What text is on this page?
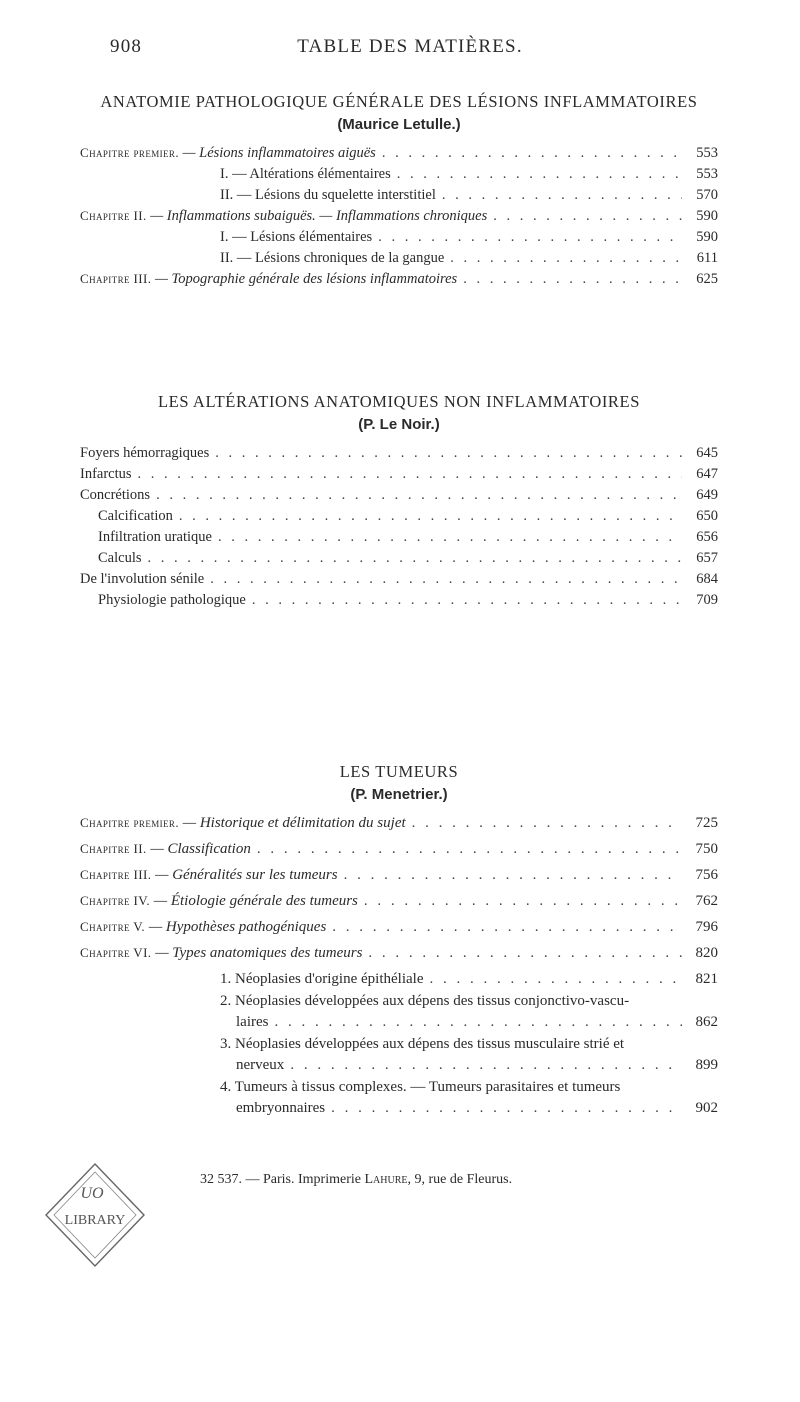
908	TABLE DES MATIÈRES.
ANATOMIE PATHOLOGIQUE GÉNÉRALE DES LÉSIONS INFLAMMATOIRES
(Maurice Letulle.)
Chapitre premier. — Lésions inflammatoires aiguës . . .	553
I. — Altérations élémentaires . . .	553
II. — Lésions du squelette interstitiel . . .	570
Chapitre II. — Inflammations subaiguës. — Inflammations chroniques . . .	590
I. — Lésions élémentaires . . .	590
II. — Lésions chroniques de la gangue . . .	611
Chapitre III. — Topographie générale des lésions inflammatoires . . .	625
LES ALTÉRATIONS ANATOMIQUES NON INFLAMMATOIRES
(P. Le Noir.)
Foyers hémorragiques . . .	645
Infarctus . . .	647
Concrétions . . .	649
Calcification . . .	650
Infiltration uratique . . .	656
Calculs . . .	657
De l'involution sénile . . .	684
Physiologie pathologique . . .	709
LES TUMEURS
(P. Menetrier.)
Chapitre premier. — Historique et délimitation du sujet . . .	725
Chapitre II. — Classification . . .	750
Chapitre III. — Généralités sur les tumeurs . . .	756
Chapitre IV. — Étiologie générale des tumeurs . . .	762
Chapitre V. — Hypothèses pathogéniques . . .	796
Chapitre VI. — Types anatomiques des tumeurs . . .	820
1. Néoplasies d'origine épithéliale . . .	821
2. Néoplasies développées aux dépens des tissus conjonctivo-vascu-
laires . . .	862
3. Néoplasies développées aux dépens des tissus musculaire strié et
nerveux . . .	899
4. Tumeurs à tissus complexes. — Tumeurs parasitaires et tumeurs
embryonnaires . . .	902
UO
LIBRARY
32 537. — Paris. Imprimerie Lahure, 9, rue de Fleurus.
